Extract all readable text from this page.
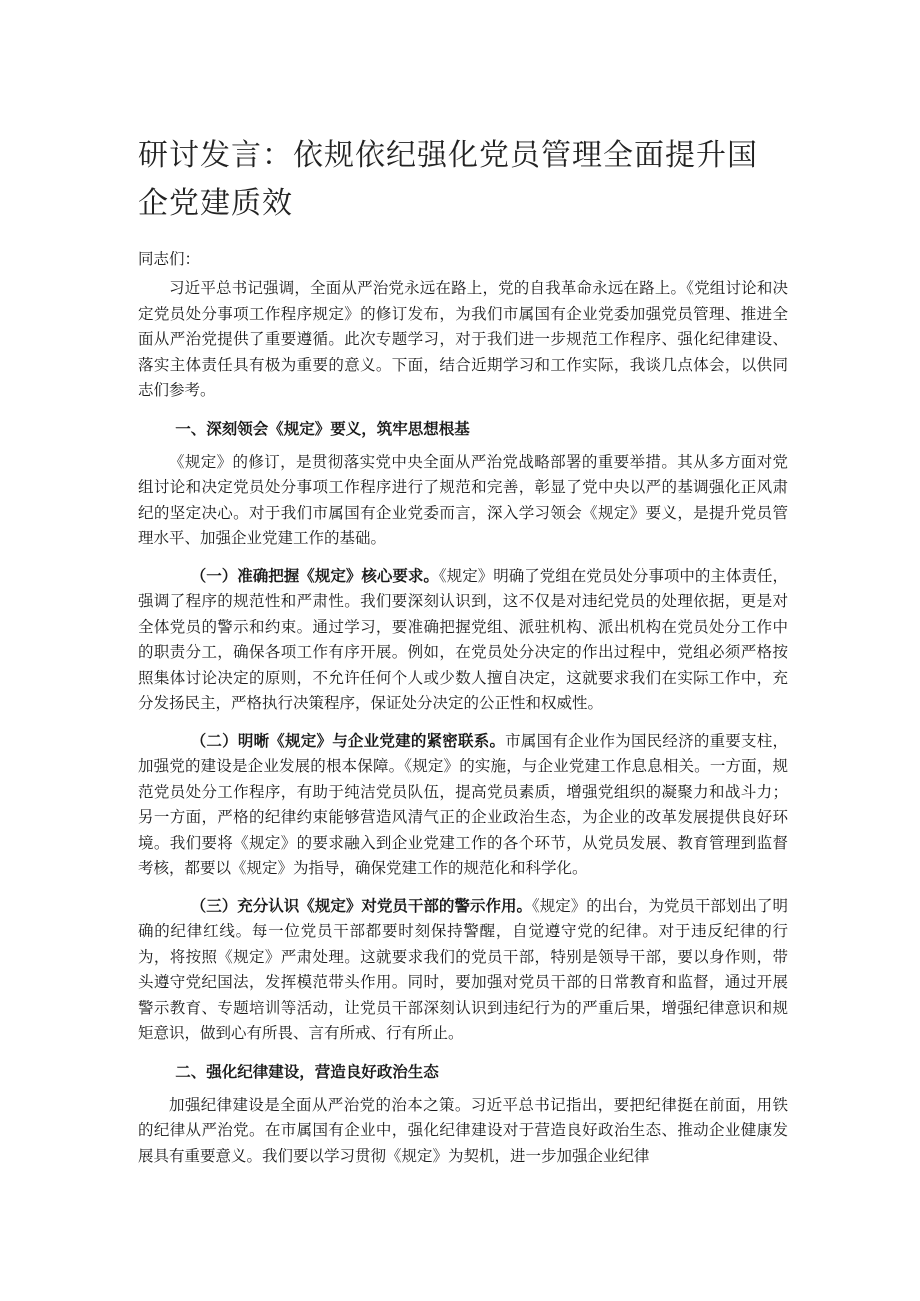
研讨发言：依规依纪强化党员管理全面提升国企党建质效
同志们：

习近平总书记强调，全面从严治党永远在路上，党的自我革命永远在路上。《党组讨论和决定党员处分事项工作程序规定》的修订发布，为我们市属国有企业党委加强党员管理、推进全面从严治党提供了重要遵循。此次专题学习，对于我们进一步规范工作程序、强化纪律建设、落实主体责任具有极为重要的意义。下面，结合近期学习和工作实际，我谈几点体会，以供同志们参考。

一、深刻领会《规定》要义，筑牢思想根基

《规定》的修订，是贯彻落实党中央全面从严治党战略部署的重要举措。其从多方面对党组讨论和决定党员处分事项工作程序进行了规范和完善，彰显了党中央以严的基调强化正风肃纪的坚定决心。对于我们市属国有企业党委而言，深入学习领会《规定》要义，是提升党员管理水平、加强企业党建工作的基础。

（一）准确把握《规定》核心要求。《规定》明确了党组在党员处分事项中的主体责任，强调了程序的规范性和严肃性。我们要深刻认识到，这不仅是对违纪党员的处理依据，更是对全体党员的警示和约束。通过学习，要准确把握党组、派驻机构、派出机构在党员处分工作中的职责分工，确保各项工作有序开展。例如，在党员处分决定的作出过程中，党组必须严格按照集体讨论决定的原则，不允许任何个人或少数人擅自决定，这就要求我们在实际工作中，充分发扬民主，严格执行决策程序，保证处分决定的公正性和权威性。

（二）明晰《规定》与企业党建的紧密联系。市属国有企业作为国民经济的重要支柱，加强党的建设是企业发展的根本保障。《规定》的实施，与企业党建工作息息相关。一方面，规范党员处分工作程序，有助于纯洁党员队伍，提高党员素质，增强党组织的凝聚力和战斗力；另一方面，严格的纪律约束能够营造风清气正的企业政治生态，为企业的改革发展提供良好环境。我们要将《规定》的要求融入到企业党建工作的各个环节，从党员发展、教育管理到监督考核，都要以《规定》为指导，确保党建工作的规范化和科学化。

（三）充分认识《规定》对党员干部的警示作用。《规定》的出台，为党员干部划出了明确的纪律红线。每一位党员干部都要时刻保持警醒，自觉遵守党的纪律。对于违反纪律的行为，将按照《规定》严肃处理。这就要求我们的党员干部，特别是领导干部，要以身作则，带头遵守党纪国法，发挥模范带头作用。同时，要加强对党员干部的日常教育和监督，通过开展警示教育、专题培训等活动，让党员干部深刻认识到违纪行为的严重后果，增强纪律意识和规矩意识，做到心有所畏、言有所戒、行有所止。

二、强化纪律建设，营造良好政治生态

加强纪律建设是全面从严治党的治本之策。习近平总书记指出，要把纪律挺在前面，用铁的纪律从严治党。在市属国有企业中，强化纪律建设对于营造良好政治生态、推动企业健康发展具有重要意义。我们要以学习贯彻《规定》为契机，进一步加强企业纪律
